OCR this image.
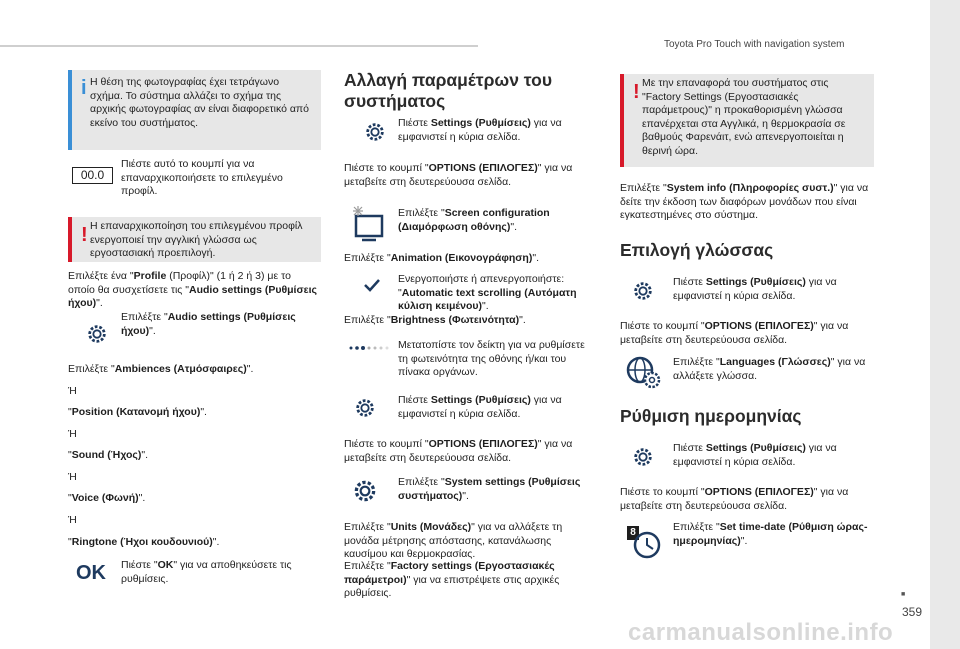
Toyota Pro Touch with navigation system
i Η θέση της φωτογραφίας έχει τετράγωνο σχήμα. Το σύστημα αλλάζει το σχήμα της αρχικής φωτογραφίας αν είναι διαφορετικό από εκείνο του συστήματος.
00.0
Πιέστε αυτό το κουμπί για να επαναρχικοποιήσετε το επιλεγμένο προφίλ.
! Η επαναρχικοποίηση του επιλεγμένου προφίλ ενεργοποιεί την αγγλική γλώσσα ως εργοστασιακή προεπιλογή.
Επιλέξτε ένα "Profile (Προφίλ)" (1 ή 2 ή 3) με το οποίο θα συσχετίσετε τις "Audio settings (Ρυθμίσεις ήχου)".
Επιλέξτε "Audio settings (Ρυθμίσεις ήχου)".
Επιλέξτε "Ambiences (Ατμόσφαιρες)".
Ή
"Position (Κατανομή ήχου)".
Ή
"Sound (Ήχος)".
Ή
"Voice (Φωνή)".
Ή
"Ringtone (Ήχοι κουδουνιού)".
OK Πιέστε "OK" για να αποθηκεύσετε τις ρυθμίσεις.
Αλλαγή παραμέτρων του συστήματος
Πιέστε Settings (Ρυθμίσεις) για να εμφανιστεί η κύρια σελίδα.
Πιέστε το κουμπί "OPTIONS (ΕΠΙΛΟΓΕΣ)" για να μεταβείτε στη δευτερεύουσα σελίδα.
Επιλέξτε "Screen configuration (Διαμόρφωση οθόνης)".
Επιλέξτε "Animation (Εικονογράφηση)".
Ενεργοποιήστε ή απενεργοποιήστε: "Automatic text scrolling (Αυτόματη κύλιση κειμένου)".
Επιλέξτε "Brightness (Φωτεινότητα)".
Μετατοπίστε τον δείκτη για να ρυθμίσετε τη φωτεινότητα της οθόνης ή/και του πίνακα οργάνων.
Πιέστε Settings (Ρυθμίσεις) για να εμφανιστεί η κύρια σελίδα.
Πιέστε το κουμπί "OPTIONS (ΕΠΙΛΟΓΕΣ)" για να μεταβείτε στη δευτερεύουσα σελίδα.
Επιλέξτε "System settings (Ρυθμίσεις συστήματος)".
Επιλέξτε "Units (Μονάδες)" για να αλλάξετε τη μονάδα μέτρησης απόστασης, κατανάλωσης καυσίμου και θερμοκρασίας.
Επιλέξτε "Factory settings (Εργοστασιακές παράμετροι)" για να επιστρέψετε στις αρχικές ρυθμίσεις.
! Με την επαναφορά του συστήματος στις "Factory Settings (Εργοστασιακές παράμετρους)" η προκαθορισμένη γλώσσα επανέρχεται στα Αγγλικά, η θερμοκρασία σε βαθμούς Φαρενάιτ, ενώ απενεργοποιείται η θερινή ώρα.
Επιλέξτε "System info (Πληροφορίες συστ.)" για να δείτε την έκδοση των διαφόρων μονάδων που είναι εγκατεστημένες στο σύστημα.
Επιλογή γλώσσας
Πιέστε Settings (Ρυθμίσεις) για να εμφανιστεί η κύρια σελίδα.
Πιέστε το κουμπί "OPTIONS (ΕΠΙΛΟΓΕΣ)" για να μεταβείτε στη δευτερεύουσα σελίδα.
Επιλέξτε "Languages (Γλώσσες)" για να αλλάξετε γλώσσα.
Ρύθμιση ημερομηνίας
Πιέστε Settings (Ρυθμίσεις) για να εμφανιστεί η κύρια σελίδα.
Πιέστε το κουμπί "OPTIONS (ΕΠΙΛΟΓΕΣ)" για να μεταβείτε στη δευτερεύουσα σελίδα.
8	Επιλέξτε "Set time-date (Ρύθμιση ώρας-ημερομηνίας)".
■
359
carmanualsonline.info
